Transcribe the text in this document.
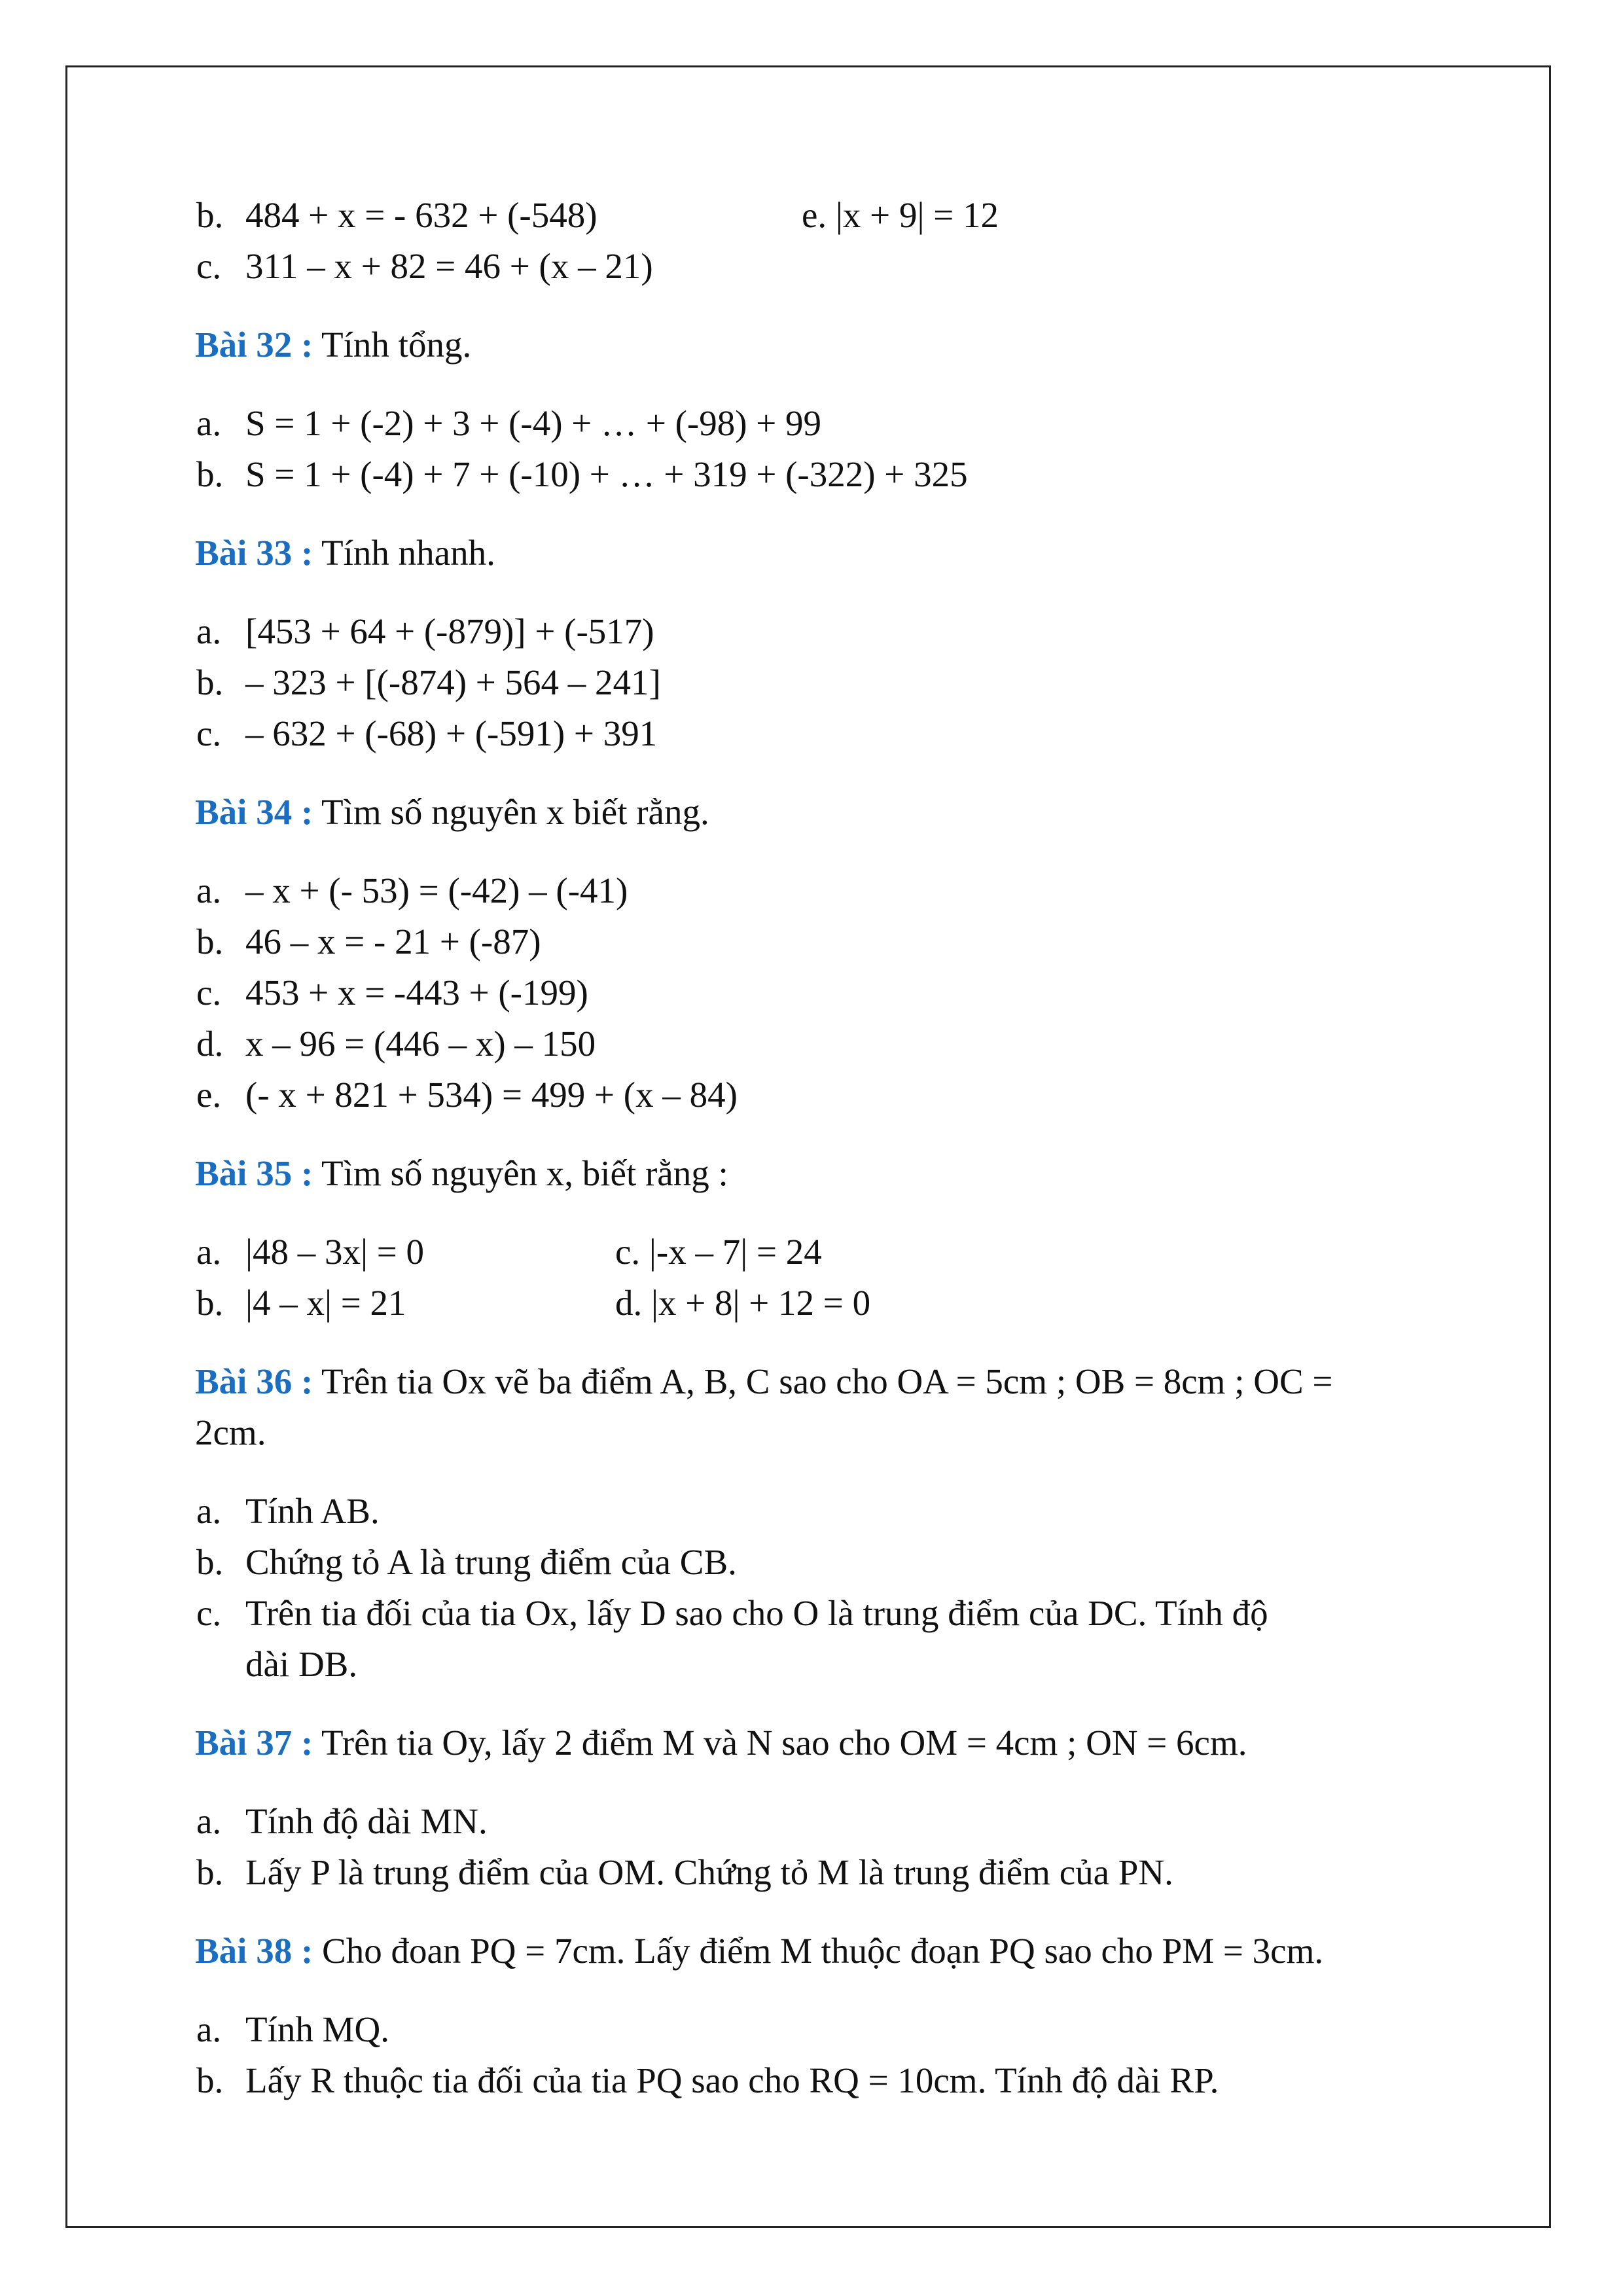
b. 484 + x = - 632 + (-548)	e. |x + 9| = 12
c. 311 – x + 82 = 46 + (x – 21)
Bài 32 : Tính tổng.
a. S = 1 + (-2) + 3 + (-4) + … + (-98) + 99
b. S = 1 + (-4) + 7 + (-10) + … + 319 + (-322) + 325
Bài 33 : Tính nhanh.
a. [453 + 64 + (-879)] + (-517)
b. – 323 + [(-874) + 564 – 241]
c. – 632 + (-68) + (-591) + 391
Bài 34 : Tìm số nguyên x biết rằng.
a. – x + (- 53) = (-42) – (-41)
b. 46 – x = - 21 + (-87)
c. 453 + x = -443 + (-199)
d. x – 96 = (446 – x) – 150
e. (- x + 821 + 534) = 499 + (x – 84)
Bài 35 : Tìm số nguyên x, biết rằng :
a. |48 – 3x| = 0	c. |-x – 7| = 24
b. |4 – x| = 21	d. |x + 8| + 12 = 0
Bài 36 : Trên tia Ox vẽ ba điểm A, B, C sao cho OA = 5cm ; OB = 8cm ; OC =
2cm.
a. Tính AB.
b. Chứng tỏ A là trung điểm của CB.
c. Trên tia đối của tia Ox, lấy D sao cho O là trung điểm của DC. Tính độ
dài DB.
Bài 37 : Trên tia Oy, lấy 2 điểm M và N sao cho OM = 4cm ; ON = 6cm.
a. Tính độ dài MN.
b. Lấy P là trung điểm của OM. Chứng tỏ M là trung điểm của PN.
Bài 38 : Cho đoan PQ = 7cm. Lấy điểm M thuộc đoạn PQ sao cho PM = 3cm.
a. Tính MQ.
b. Lấy R thuộc tia đối của tia PQ sao cho RQ = 10cm. Tính độ dài RP.
